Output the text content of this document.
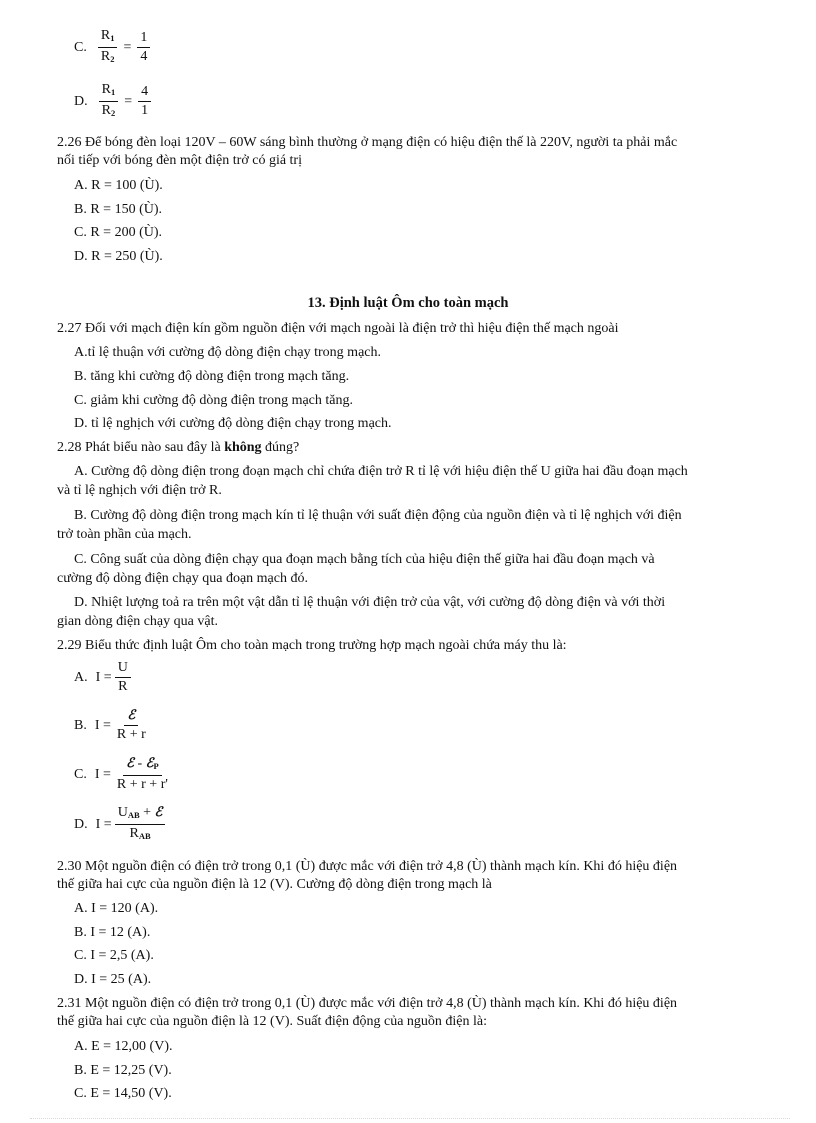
C. $\frac{R_1}{R_2} = \frac{1}{4}$
D. $\frac{R_1}{R_2} = \frac{4}{1}$
2.26 Để bóng đèn loại 120V – 60W sáng bình thường ở mạng điện có hiệu điện thế là 220V, người ta phải mắc
nối tiếp với bóng đèn một điện trở có giá trị
A. R = 100 (Ù).
B. R = 150 (Ù).
C. R = 200 (Ù).
D. R = 250 (Ù).
13. Định luật Ôm cho toàn mạch
2.27 Đối với mạch điện kín gồm nguồn điện với mạch ngoài là điện trở thì hiệu điện thế mạch ngoài
A.tỉ lệ thuận với cường độ dòng điện chạy trong mạch.
B. tăng khi cường độ dòng điện trong mạch tăng.
C. giảm khi cường độ dòng điện trong mạch tăng.
D. tỉ lệ nghịch với cường độ dòng điện chạy trong mạch.
2.28 Phát biểu nào sau đây là không đúng?
A. Cường độ dòng điện trong đoạn mạch chỉ chứa điện trở R tỉ lệ với hiệu điện thế U giữa hai đầu đoạn mạch
và tỉ lệ nghịch với điện trở R.
B. Cường độ dòng điện trong mạch kín tỉ lệ thuận với suất điện động của nguồn điện và tỉ lệ nghịch với điện
trở toàn phần của mạch.
C. Công suất của dòng điện chạy qua đoạn mạch bằng tích của hiệu điện thế giữa hai đầu đoạn mạch và
cường độ dòng điện chạy qua đoạn mạch đó.
D. Nhiệt lượng toả ra trên một vật dẫn tỉ lệ thuận với điện trở của vật, với cường độ dòng điện và với thời
gian dòng điện chạy qua vật.
2.29 Biểu thức định luật Ôm cho toàn mạch trong trường hợp mạch ngoài chứa máy thu là:
A. $I = \frac{U}{R}$
B. $I = \frac{\text{ℰ}}{R + r}$
C. $I = \frac{ℰ - ℰ_P}{R + r + r'}$
D. $I = \frac{U_{AB} + ℰ}{R_{AB}}$
2.30 Một nguồn điện có điện trở trong 0,1 (Ù) được mắc với điện trở 4,8 (Ù) thành mạch kín. Khi đó hiệu điện
thế giữa hai cực của nguồn điện là 12 (V). Cường độ dòng điện trong mạch là
A. I = 120 (A).
B. I = 12 (A).
C. I = 2,5 (A).
D. I = 25 (A).
2.31 Một nguồn điện có điện trở trong 0,1 (Ù) được mắc với điện trở 4,8 (Ù) thành mạch kín. Khi đó hiệu điện
thế giữa hai cực của nguồn điện là 12 (V). Suất điện động của nguồn điện là:
A. E = 12,00 (V).
B. E = 12,25 (V).
C. E = 14,50 (V).
